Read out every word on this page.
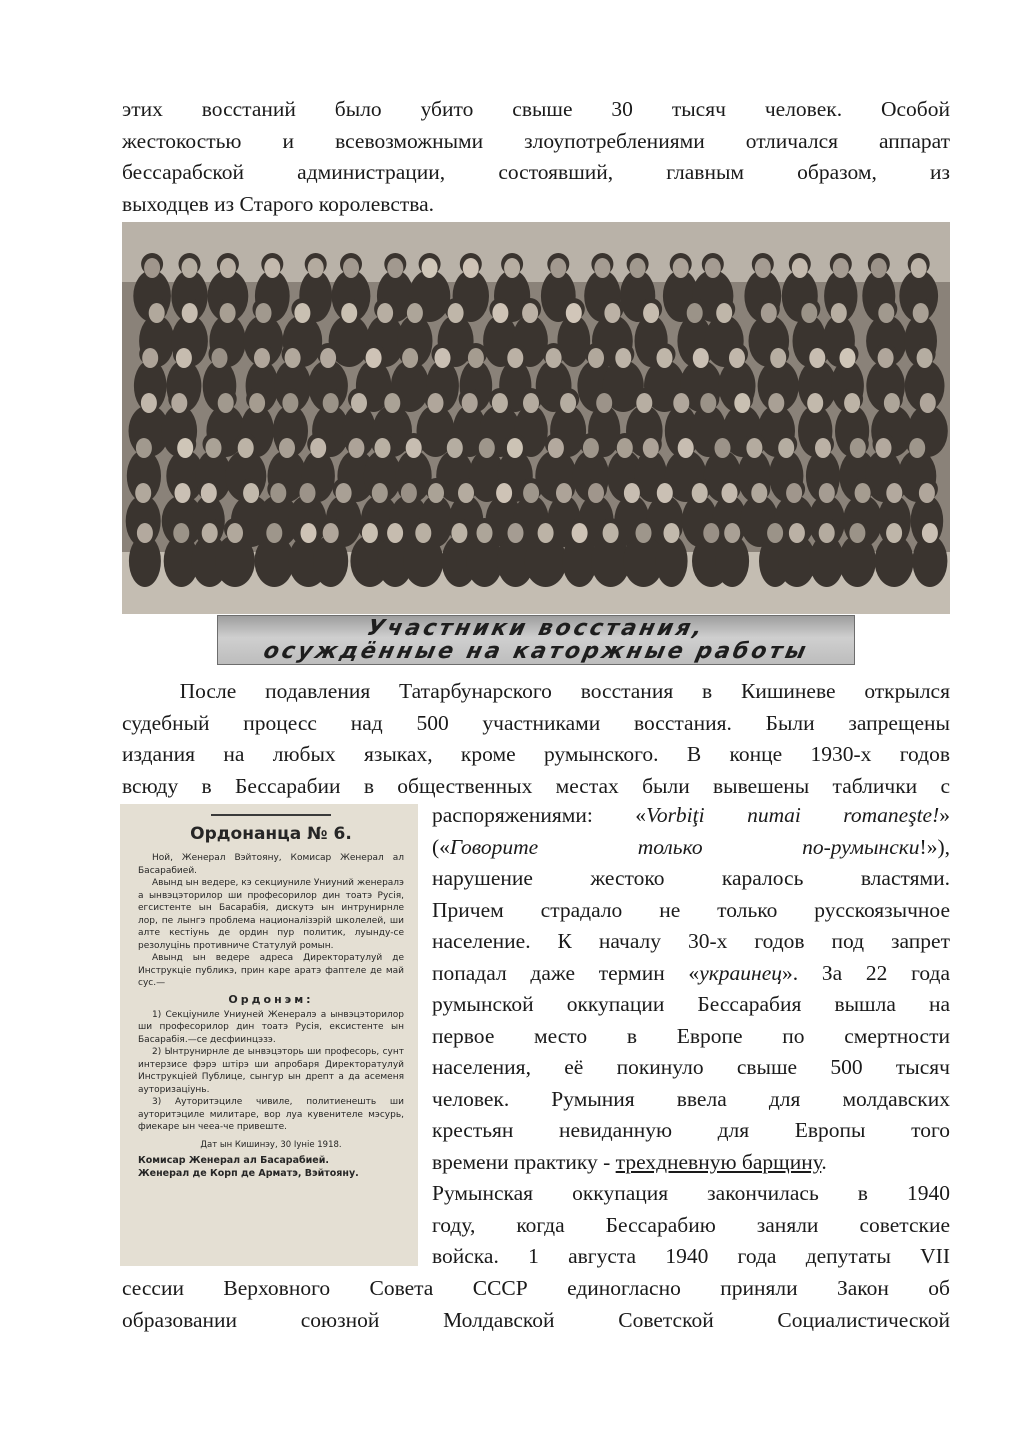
этих восстаний было убито свыше 30 тысяч человек. Особой
жестокостью и всевозможными злоупотреблениями отличался аппарат
бессарабской администрации, состоявший, главным образом, из
выходцев из Старого королевства.

Участники восстания,
осуждённые на каторжные работы

После подавления Татарбунарского восстания в Кишиневе открылся
судебный процесс над 500 участниками восстания. Были запрещены
издания на любых языках, кроме румынского. В конце 1930-х годов
всюду в Бессарабии в общественных местах были вывешены таблички с

Ордонанца № 6.
Ной, Женерал Вэйтояну, Комисар Женерал ал Басарабией.
Авынд ын ведере, кэ секциуниле Униуний женералэ а ынвэцэторилор ши професорилор дин тоатэ Русія, егсистенте ын Басарабія, дискутэ ын интрунирнле лор, пе лынгэ проблема националізэрій школелей, ши алте кестіунь де ордин пур политик, луынду-се резолуцінь противниче Статулуй ромын.
Авынд ын ведере адреса Директоратулуй де Инструкціе публикэ, прин каре аратэ фаптеле де май сус.—
Ордонэм:
1) Секціуниле Униуней Женералэ а ынвэцэторилор ши професорилор дин тоатэ Русія, ексистенте ын Басарабія.—се десфиинцэзэ.
2) Ынтрунирнле де ынвэцэторь ши професорь, сунт интерзисе фэрэ штірэ ши апробаря Директоратулуй Инструкціей Публице, сынгур ын дрепт а да асеменя ауторизаціунь.
3) Ауторитэциле чивиле, политиенешть ши ауторитэциле милитаре, вор луа кувенителе мэсурь, фиекаре ын чееа-че привеште.
Дат ын Кишинэу, 30 Іуніе 1918.
Комисар Женерал ал Басарабией.
Женерал де Корп де Арматэ, Вэйтояну.
распоряжениями: «Vorbiţi numai romaneşte!»
(«Говорите только по-румынски!»),
нарушение жестоко каралось властями.
Причем страдало не только русскоязычное
население. К началу 30-х годов под запрет
попадал даже термин «украинец». За 22 года
румынской оккупации Бессарабия вышла на
первое место в Европе по смертности
населения, её покинуло свыше 500 тысяч
человек. Румыния ввела для молдавских
крестьян невиданную для Европы того
времени практику - трехдневную барщину.
Румынская оккупация закончилась в 1940
году, когда Бессарабию заняли советские
войска. 1 августа 1940 года депутаты VII

сессии Верховного Совета СССР единогласно приняли Закон об
образовании союзной Молдавской Советской Социалистической
